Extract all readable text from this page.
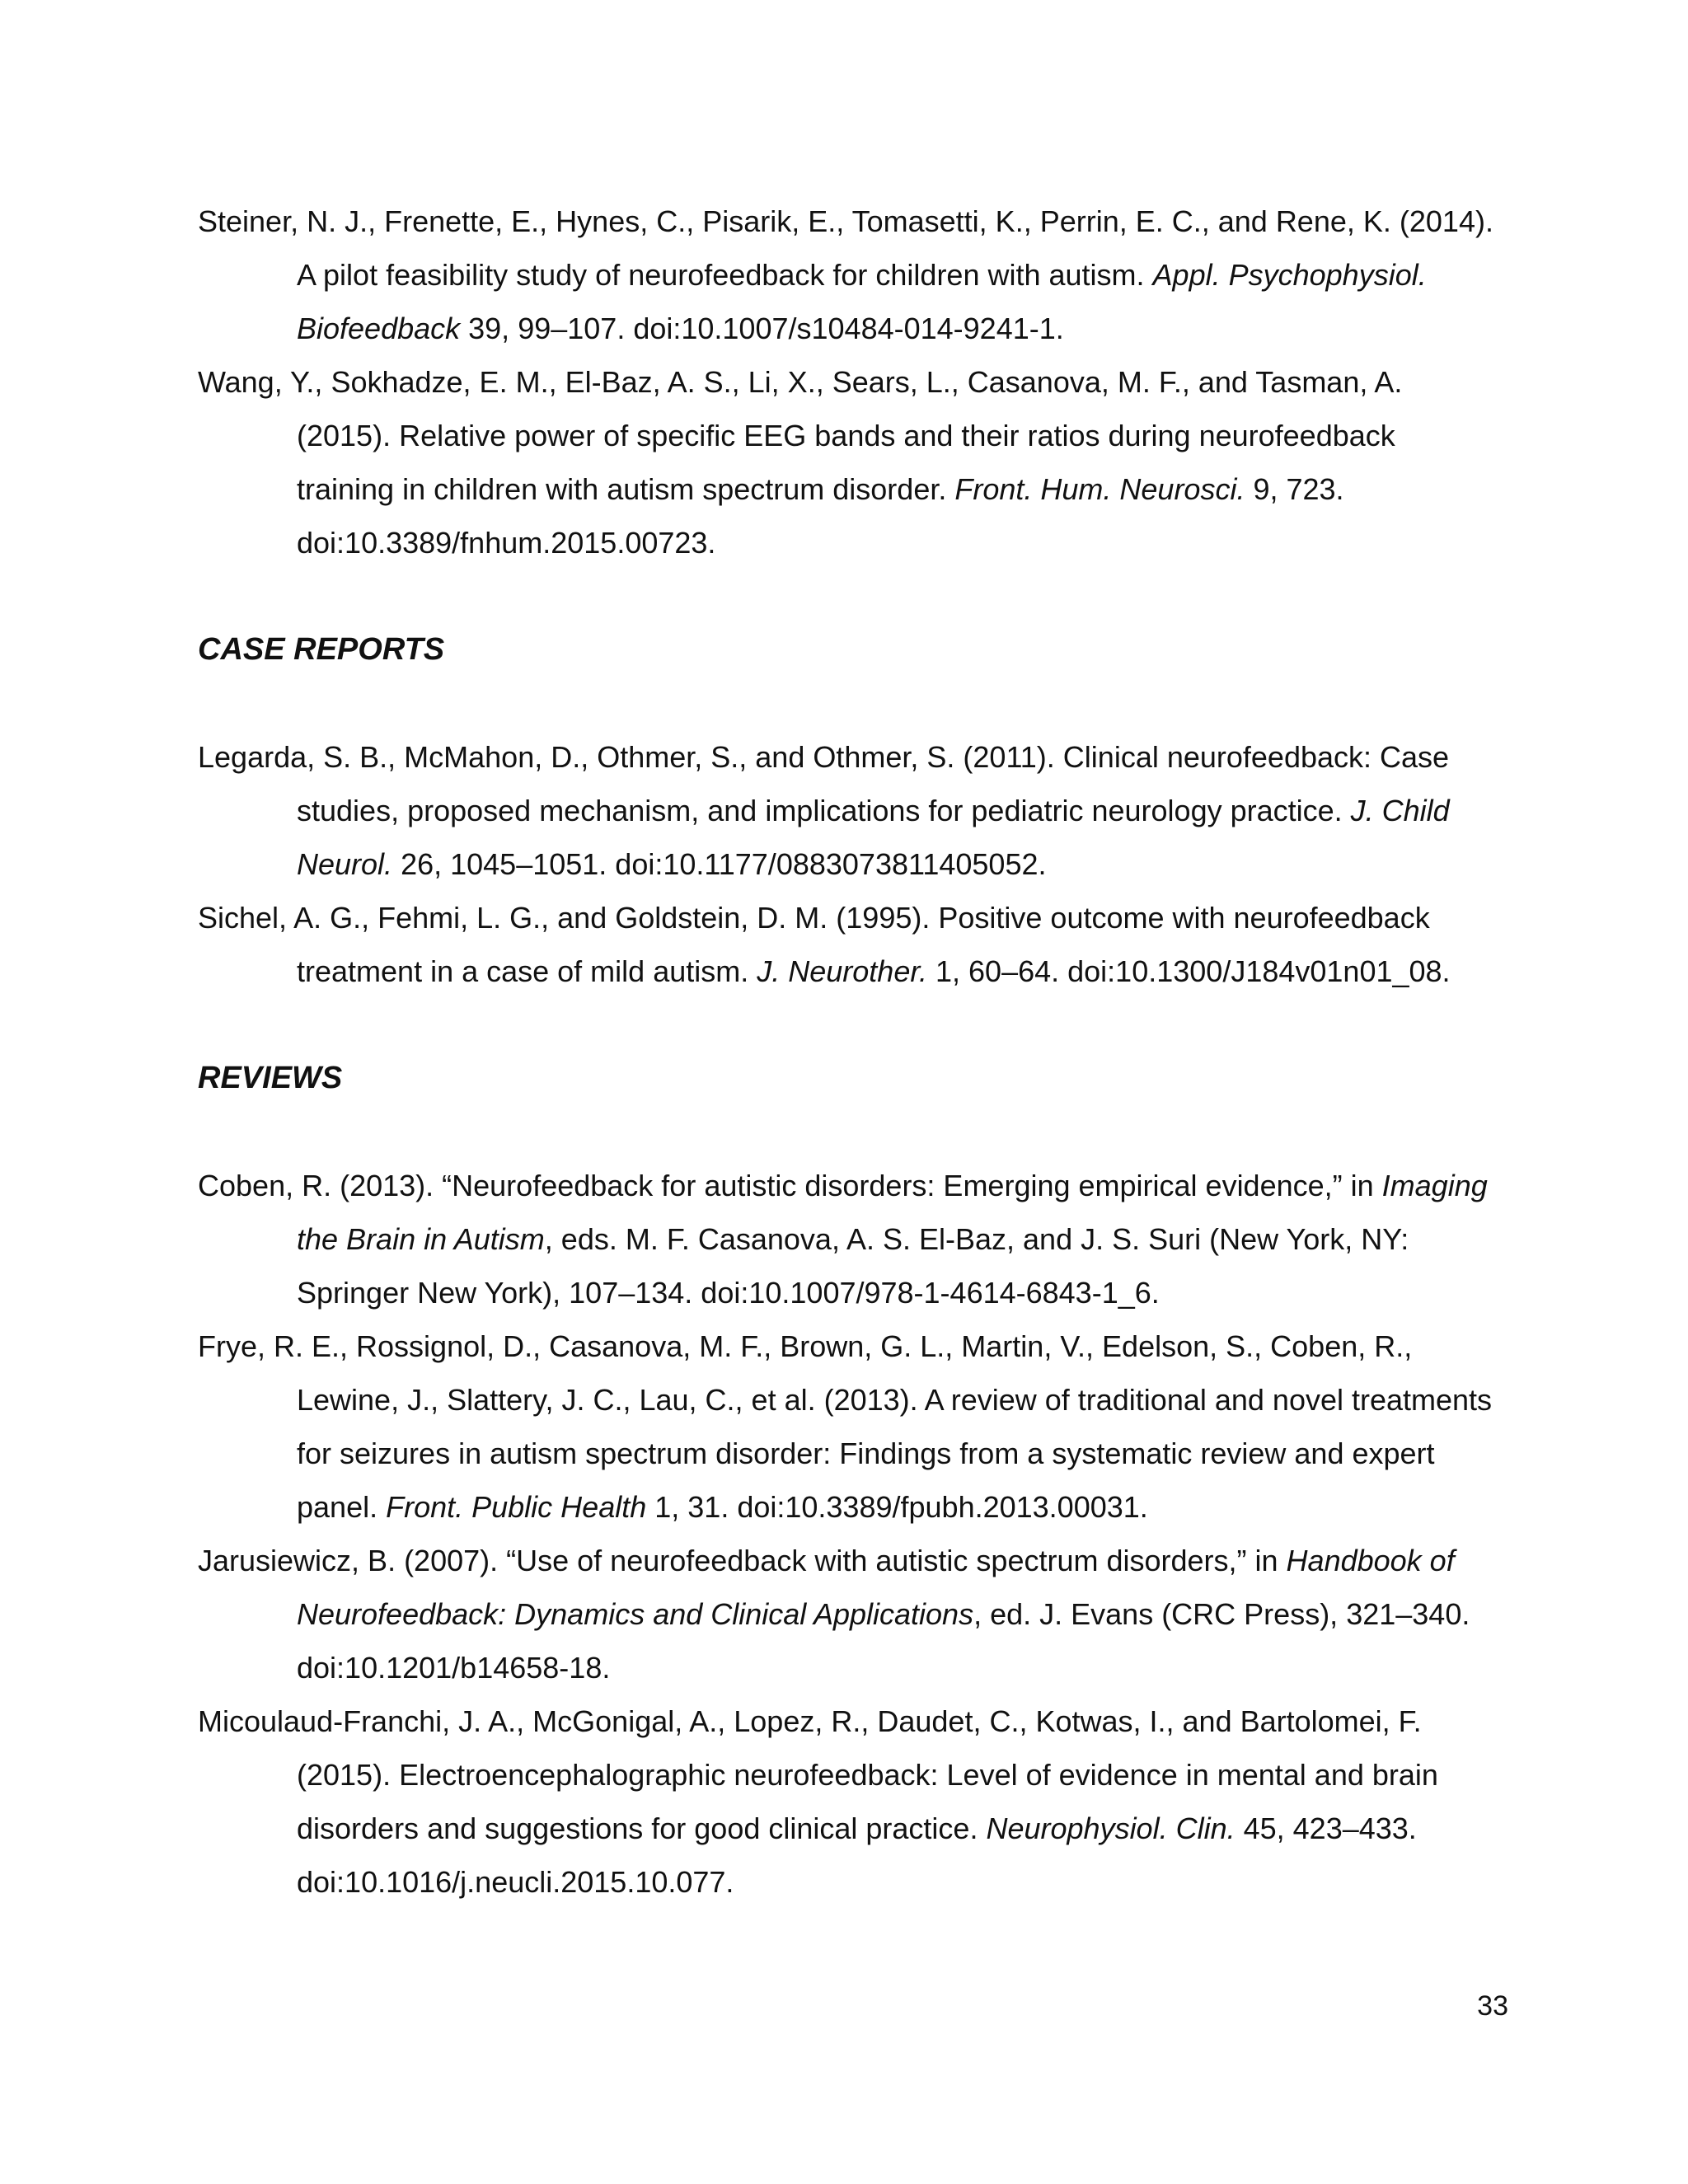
Steiner, N. J., Frenette, E., Hynes, C., Pisarik, E., Tomasetti, K., Perrin, E. C., and Rene, K. (2014). A pilot feasibility study of neurofeedback for children with autism. Appl. Psychophysiol. Biofeedback 39, 99–107. doi:10.1007/s10484-014-9241-1.

Wang, Y., Sokhadze, E. M., El-Baz, A. S., Li, X., Sears, L., Casanova, M. F., and Tasman, A. (2015). Relative power of specific EEG bands and their ratios during neurofeedback training in children with autism spectrum disorder. Front. Hum. Neurosci. 9, 723. doi:10.3389/fnhum.2015.00723.

CASE REPORTS

Legarda, S. B., McMahon, D., Othmer, S., and Othmer, S. (2011). Clinical neurofeedback: Case studies, proposed mechanism, and implications for pediatric neurology practice. J. Child Neurol. 26, 1045–1051. doi:10.1177/0883073811405052.

Sichel, A. G., Fehmi, L. G., and Goldstein, D. M. (1995). Positive outcome with neurofeedback treatment in a case of mild autism. J. Neurother. 1, 60–64. doi:10.1300/J184v01n01_08.

REVIEWS

Coben, R. (2013). “Neurofeedback for autistic disorders: Emerging empirical evidence,” in Imaging the Brain in Autism, eds. M. F. Casanova, A. S. El-Baz, and J. S. Suri (New York, NY: Springer New York), 107–134. doi:10.1007/978-1-4614-6843-1_6.

Frye, R. E., Rossignol, D., Casanova, M. F., Brown, G. L., Martin, V., Edelson, S., Coben, R., Lewine, J., Slattery, J. C., Lau, C., et al. (2013). A review of traditional and novel treatments for seizures in autism spectrum disorder: Findings from a systematic review and expert panel. Front. Public Health 1, 31. doi:10.3389/fpubh.2013.00031.

Jarusiewicz, B. (2007). “Use of neurofeedback with autistic spectrum disorders,” in Handbook of Neurofeedback: Dynamics and Clinical Applications, ed. J. Evans (CRC Press), 321–340. doi:10.1201/b14658-18.

Micoulaud-Franchi, J. A., McGonigal, A., Lopez, R., Daudet, C., Kotwas, I., and Bartolomei, F. (2015). Electroencephalographic neurofeedback: Level of evidence in mental and brain disorders and suggestions for good clinical practice. Neurophysiol. Clin. 45, 423–433. doi:10.1016/j.neucli.2015.10.077.

33
